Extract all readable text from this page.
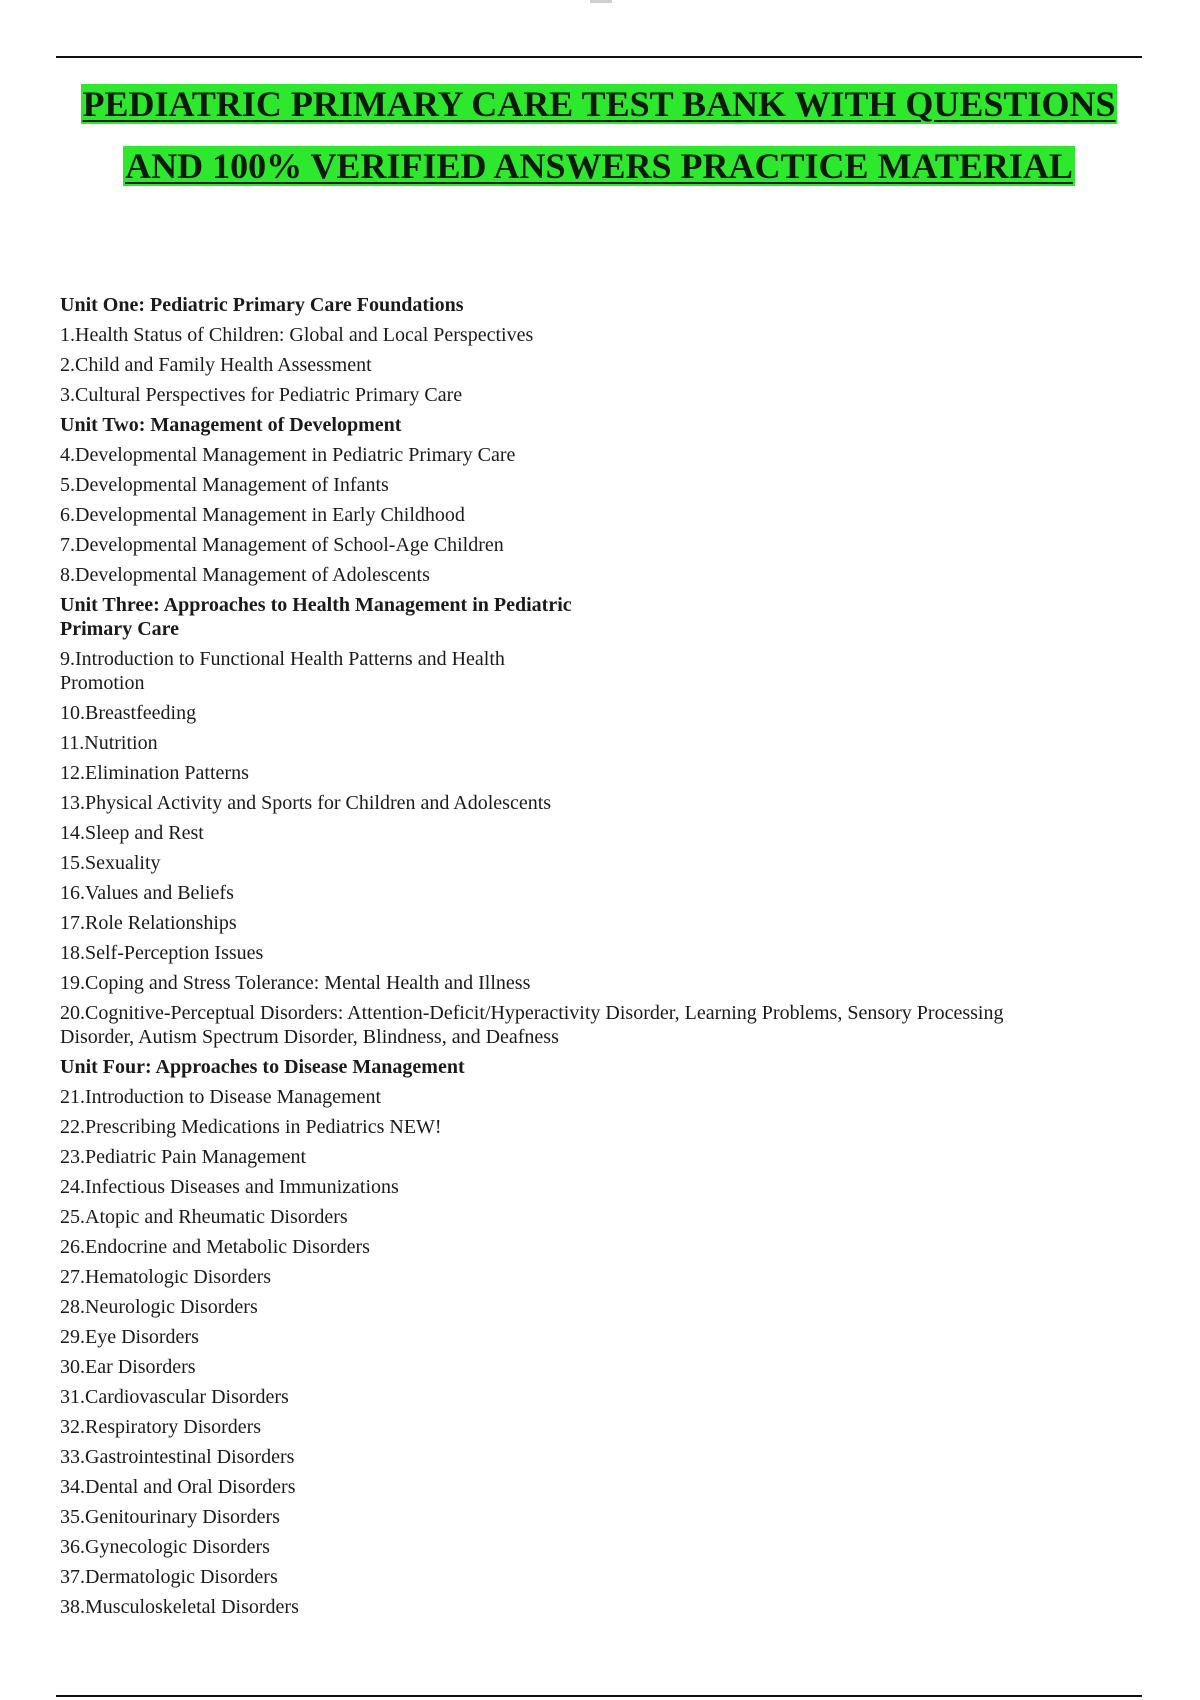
PEDIATRIC PRIMARY CARE TEST BANK WITH QUESTIONS
AND 100% VERIFIED ANSWERS PRACTICE MATERIAL
Unit One: Pediatric Primary Care Foundations
1.Health Status of Children: Global and Local Perspectives
2.Child and Family Health Assessment
3.Cultural Perspectives for Pediatric Primary Care
Unit Two: Management of Development
4.Developmental Management in Pediatric Primary Care
5.Developmental Management of Infants
6.Developmental Management in Early Childhood
7.Developmental Management of School-Age Children
8.Developmental Management of Adolescents
Unit Three: Approaches to Health Management in Pediatric Primary Care
9.Introduction to Functional Health Patterns and Health Promotion
10.Breastfeeding
11.Nutrition
12.Elimination Patterns
13.Physical Activity and Sports for Children and Adolescents
14.Sleep and Rest
15.Sexuality
16.Values and Beliefs
17.Role Relationships
18.Self-Perception Issues
19.Coping and Stress Tolerance: Mental Health and Illness
20.Cognitive-Perceptual Disorders: Attention-Deficit/Hyperactivity Disorder, Learning Problems, Sensory Processing Disorder, Autism Spectrum Disorder, Blindness, and Deafness
Unit Four: Approaches to Disease Management
21.Introduction to Disease Management
22.Prescribing Medications in Pediatrics NEW!
23.Pediatric Pain Management
24.Infectious Diseases and Immunizations
25.Atopic and Rheumatic Disorders
26.Endocrine and Metabolic Disorders
27.Hematologic Disorders
28.Neurologic Disorders
29.Eye Disorders
30.Ear Disorders
31.Cardiovascular Disorders
32.Respiratory Disorders
33.Gastrointestinal Disorders
34.Dental and Oral Disorders
35.Genitourinary Disorders
36.Gynecologic Disorders
37.Dermatologic Disorders
38.Musculoskeletal Disorders
